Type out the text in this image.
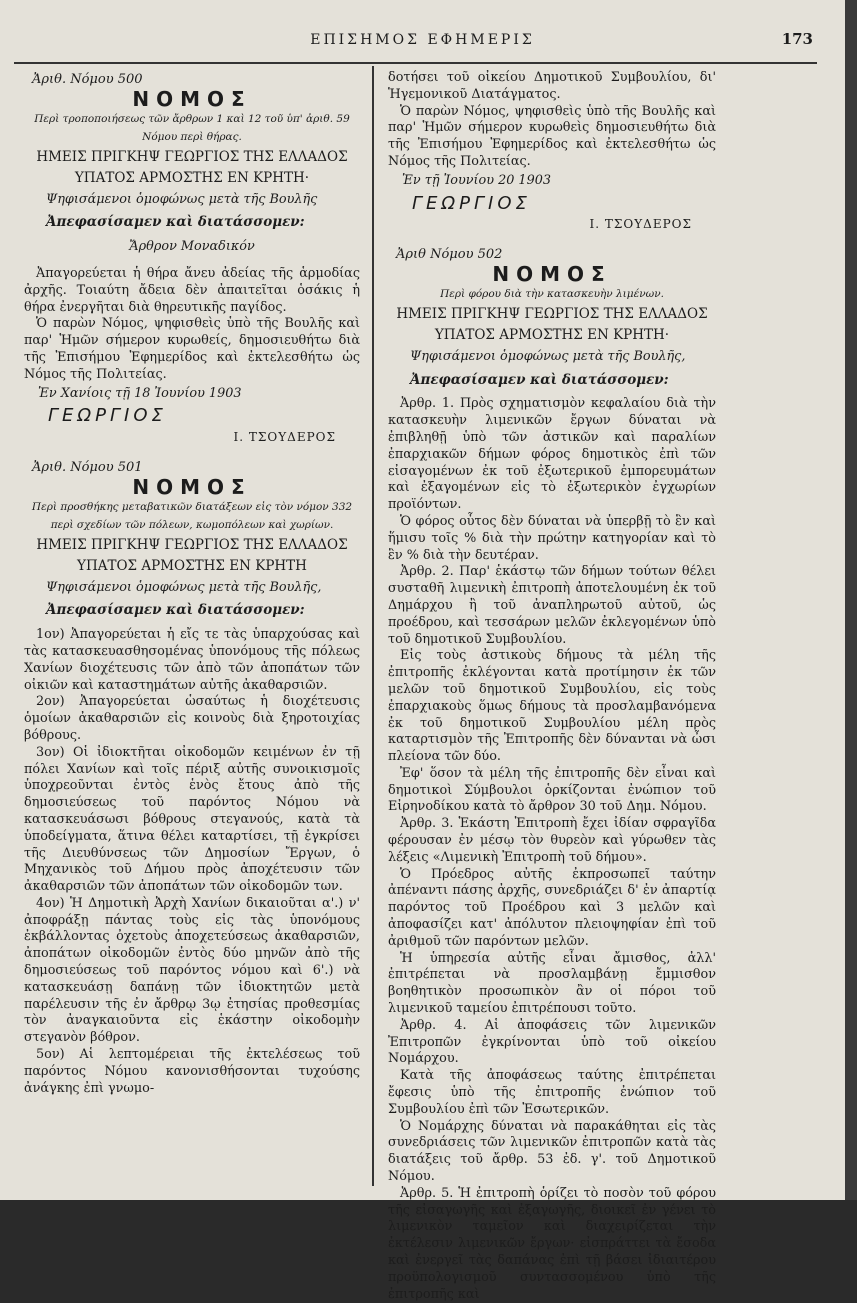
ΕΠΙΣΗΜΟΣ ΕΦΗΜΕΡΙΣ	173
Ἀριθ. Νόμου 500
ΝΟΜΟΣ
Περὶ τροποποιήσεως τῶν ἄρθρων 1 καὶ 12 τοῦ ὑπ' ἀριθ. 59
Νόμου περὶ θήρας.
ΗΜΕΙΣ ΠΡΙΓΚΗΨ ΓΕΩΡΓΙΟΣ ΤΗΣ ΕΛΛΑΔΟΣ
ΥΠΑΤΟΣ ΑΡΜΟΣΤΗΣ ΕΝ ΚΡΗΤΗ·
Ψηφισάμενοι ὁμοφώνως μετὰ τῆς Βουλῆς
Ἀπεφασίσαμεν καὶ διατάσσομεν:
Ἄρθρον Μοναδικόν

Ἀπαγορεύεται ἡ θήρα ἄνευ ἀδείας τῆς ἁρμοδίας ἀρχῆς. Τοιαύτη ἄδεια δὲν ἀπαιτεῖται ὁσάκις ἡ θήρα ἐνεργῆται διὰ θηρευτικῆς παγίδος.

Ὁ παρὼν Νόμος, ψηφισθεὶς ὑπὸ τῆς Βουλῆς καὶ παρ' Ἡμῶν σήμερον κυρωθείς, δημοσιευθήτω διὰ τῆς Ἐπισήμου Ἐφημερίδος καὶ ἐκτελεσθήτω ὡς Νόμος τῆς Πολιτείας.

Ἐν Χανίοις τῇ 18 Ἰουνίου 1903
ΓΕΩΡΓΙΟΣ
Ι. ΤΣΟΥΔΕΡΟΣ
Ἀριθ. Νόμου 501
ΝΟΜΟΣ
Περὶ προσθήκης μεταβατικῶν διατάξεων εἰς τὸν νόμον 332
περὶ σχεδίων τῶν πόλεων, κωμοπόλεων καὶ χωρίων.
ΗΜΕΙΣ ΠΡΙΓΚΗΨ ΓΕΩΡΓΙΟΣ ΤΗΣ ΕΛΛΑΔΟΣ
ΥΠΑΤΟΣ ΑΡΜΟΣΤΗΣ ΕΝ ΚΡΗΤΗ
Ψηφισάμενοι ὁμοφώνως μετὰ τῆς Βουλῆς,
Ἀπεφασίσαμεν καὶ διατάσσομεν:

1ον) Ἀπαγορεύεται ἡ εἴς τε τὰς ὑπαρχούσας καὶ τὰς κατασκευασθησομένας ὑπονόμους τῆς πόλεως Χανίων διοχέτευσις τῶν ἀπὸ τῶν ἀποπάτων τῶν οἰκιῶν καὶ καταστημάτων αὐτῆς ἀκαθαρσιῶν.

2ον) Ἀπαγορεύεται ὡσαύτως ἡ διοχέτευσις ὁμοίων ἀκαθαρσιῶν εἰς κοινοὺς διὰ ξηροτοιχίας βόθρους.

3ον) Οἱ ἰδιοκτῆται οἰκοδομῶν κειμένων ἐν τῇ πόλει Χανίων καὶ τοῖς πέριξ αὐτῆς συνοικισμοῖς ὑποχρεοῦνται ἐντὸς ἑνὸς ἔτους ἀπὸ τῆς δημοσιεύσεως τοῦ παρόντος Νόμου νὰ κατασκευάσωσι βόθρους στεγανούς, κατὰ τὰ ὑποδείγματα, ἅτινα θέλει καταρτίσει, τῇ ἐγκρίσει τῆς Διευθύνσεως τῶν Δημοσίων Ἔργων, ὁ Μηχανικὸς τοῦ Δήμου πρὸς ἀποχέτευσιν τῶν ἀκαθαρσιῶν τῶν ἀποπάτων τῶν οἰκοδομῶν των.

4ον) Ἡ Δημοτικὴ Ἀρχὴ Χανίων δικαιοῦται α'.) ν' ἀποφράξῃ πάντας τοὺς εἰς τὰς ὑπονόμους ἐκβάλλοντας ὀχετοὺς ἀποχετεύσεως ἀκαθαρσιῶν, ἀποπάτων οἰκοδομῶν ἐντὸς δύο μηνῶν ἀπὸ τῆς δημοσιεύσεως τοῦ παρόντος νόμου καὶ 6'.) νὰ κατασκευάσῃ δαπάνῃ τῶν ἰδιοκτητῶν μετὰ παρέλευσιν τῆς ἐν ἄρθρῳ 3ῳ ἐτησίας προθεσμίας τὸν ἀναγκαιοῦντα εἰς ἑκάστην οἰκοδομὴν στεγανὸν βόθρον.

5ον) Αἱ λεπτομέρειαι τῆς ἐκτελέσεως τοῦ παρόντος Νόμου κανονισθήσονται τυχούσης ἀνάγκης ἐπὶ γνωμο-

δοτήσει τοῦ οἰκείου Δημοτικοῦ Συμβουλίου, δι' Ἡγεμονικοῦ Διατάγματος.

Ὁ παρὼν Νόμος, ψηφισθεὶς ὑπὸ τῆς Βουλῆς καὶ παρ' Ἡμῶν σήμερον κυρωθεὶς δημοσιευθήτω διὰ τῆς Ἐπισήμου Ἐφημερίδος καὶ ἐκτελεσθήτω ὡς Νόμος τῆς Πολιτείας.

Ἐν τῇ Ἰουνίου 20 1903
ΓΕΩΡΓΙΟΣ
Ι. ΤΣΟΥΔΕΡΟΣ
Ἀριθ Νόμου 502
ΝΟΜΟΣ
Περὶ φόρου διὰ τὴν κατασκευὴν λιμένων.
ΗΜΕΙΣ ΠΡΙΓΚΗΨ ΓΕΩΡΓΙΟΣ ΤΗΣ ΕΛΛΑΔΟΣ
ΥΠΑΤΟΣ ΑΡΜΟΣΤΗΣ ΕΝ ΚΡΗΤΗ·
Ψηφισάμενοι ὁμοφώνως μετὰ τῆς Βουλῆς,
Ἀπεφασίσαμεν καὶ διατάσσομεν:

Ἀρθρ. 1. Πρὸς σχηματισμὸν κεφαλαίου διὰ τὴν κατασκευὴν λιμενικῶν ἔργων δύναται νὰ ἐπιβληθῇ ὑπὸ τῶν ἀστικῶν καὶ παραλίων ἐπαρχιακῶν δήμων φόρος δημοτικὸς ἐπὶ τῶν εἰσαγομένων ἐκ τοῦ ἐξωτερικοῦ ἐμπορευμάτων καὶ ἐξαγομένων εἰς τὸ ἐξωτερικὸν ἐγχωρίων προϊόντων.

Ὁ φόρος οὗτος δὲν δύναται νὰ ὑπερβῇ τὸ ἓν καὶ ἥμισυ τοῖς % διὰ τὴν πρώτην κατηγορίαν καὶ τὸ ἓν % διὰ τὴν δευτέραν.

Ἀρθρ. 2. Παρ' ἑκάστῳ τῶν δήμων τούτων θέλει συσταθῆ λιμενικὴ ἐπιτροπὴ ἀποτελουμένη ἐκ τοῦ Δημάρχου ἢ τοῦ ἀναπληρωτοῦ αὐτοῦ, ὡς προέδρου, καὶ τεσσάρων μελῶν ἐκλεγομένων ὑπὸ τοῦ δημοτικοῦ Συμβουλίου.

Εἰς τοὺς ἀστικοὺς δήμους τὰ μέλη τῆς ἐπιτροπῆς ἐκλέγονται κατὰ προτίμησιν ἐκ τῶν μελῶν τοῦ δημοτικοῦ Συμβουλίου, εἰς τοὺς ἐπαρχιακοὺς ὅμως δήμους τὰ προσλαμβανόμενα ἐκ τοῦ δημοτικοῦ Συμβουλίου μέλη πρὸς καταρτισμὸν τῆς Ἐπιτροπῆς δὲν δύνανται νὰ ὦσι πλείονα τῶν δύο.

Ἐφ' ὅσον τὰ μέλη τῆς ἐπιτροπῆς δὲν εἶναι καὶ δημοτικοὶ Σύμβουλοι ὁρκίζονται ἐνώπιον τοῦ Εἰρηνοδίκου κατὰ τὸ ἄρθρον 30 τοῦ Δημ. Νόμου.

Ἀρθρ. 3. Ἑκάστη Ἐπιτροπὴ ἔχει ἰδίαν σφραγῖδα φέρουσαν ἐν μέσῳ τὸν θυρεὸν καὶ γύρωθεν τὰς λέξεις «Λιμενικὴ Ἐπιτροπὴ τοῦ δήμου».

Ὁ Πρόεδρος αὐτῆς ἐκπροσωπεῖ ταύτην ἀπέναντι πάσης ἀρχῆς, συνεδριάζει δ' ἐν ἀπαρτίᾳ παρόντος τοῦ Προέδρου καὶ 3 μελῶν καὶ ἀποφασίζει κατ' ἀπόλυτον πλειοψηφίαν ἐπὶ τοῦ ἀριθμοῦ τῶν παρόντων μελῶν.

Ἡ ὑπηρεσία αὐτῆς εἶναι ἄμισθος, ἀλλ' ἐπιτρέπεται νὰ προσλαμβάνῃ ἔμμισθον βοηθητικὸν προσωπικὸν ἂν οἱ πόροι τοῦ λιμενικοῦ ταμείου ἐπιτρέπουσι τοῦτο.

Ἀρθρ. 4. Αἱ ἀποφάσεις τῶν λιμενικῶν Ἐπιτροπῶν ἐγκρίνονται ὑπὸ τοῦ οἰκείου Νομάρχου.

Κατὰ τῆς ἀποφάσεως ταύτης ἐπιτρέπεται ἔφεσις ὑπὸ τῆς ἐπιτροπῆς ἐνώπιον τοῦ Συμβουλίου ἐπὶ τῶν Ἐσωτερικῶν.

Ὁ Νομάρχης δύναται νὰ παρακάθηται εἰς τὰς συνεδριάσεις τῶν λιμενικῶν ἐπιτροπῶν κατὰ τὰς διατάξεις τοῦ ἄρθρ. 53 ἐδ. γ'. τοῦ Δημοτικοῦ Νόμου.

Ἀρθρ. 5. Ἡ ἐπιτροπὴ ὁρίζει τὸ ποσὸν τοῦ φόρου τῆς εἰσαγωγῆς καὶ ἐξαγωγῆς, διοικεῖ ἐν γένει τὸ λιμενικὸν ταμεῖον καὶ διαχειρίζεται τὴν ἐκτέλεσιν λιμενικῶν ἔργων· εἰσπράττει τὰ ἔσοδα καὶ ἐνεργεῖ τὰς δαπάνας ἐπὶ τῇ βάσει ἰδιαιτέρου προϋπολογισμοῦ συντασσομένου ὑπὸ τῆς ἐπιτροπῆς καὶ
